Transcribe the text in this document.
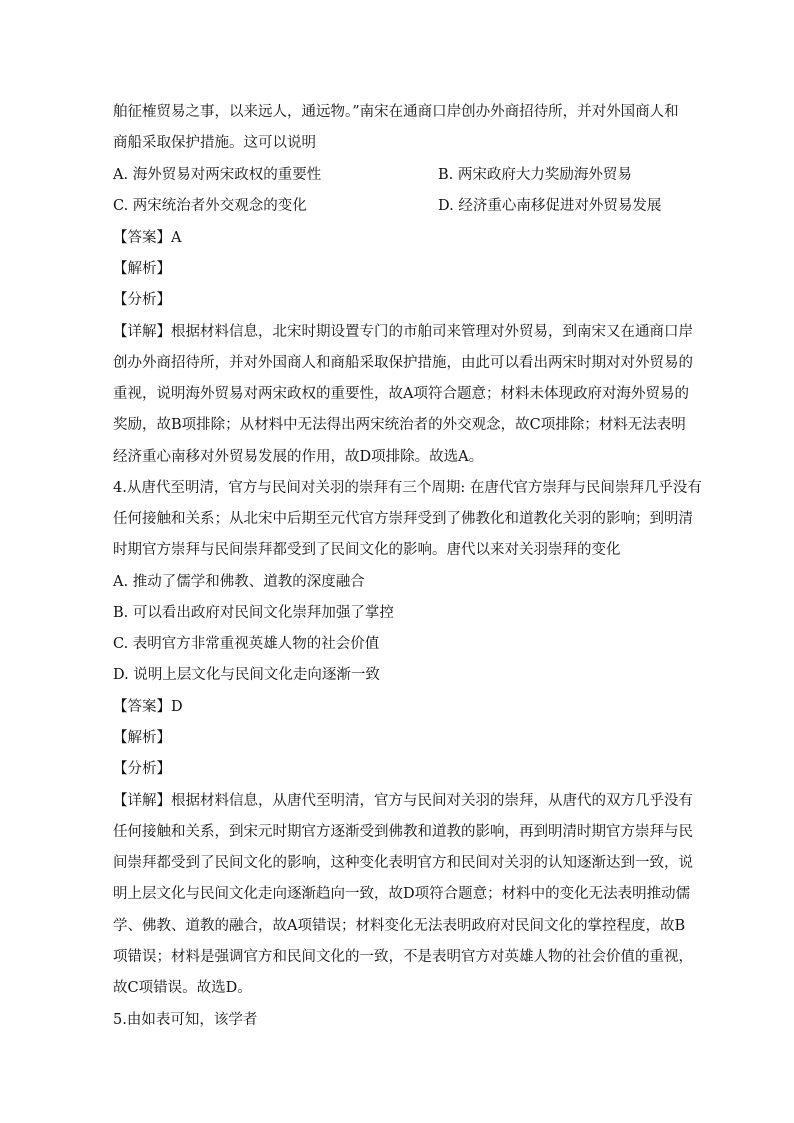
舶征榷贸易之事，以来远人，通远物。”南宋在通商口岸创办外商招待所，并对外国商人和
商船采取保护措施。这可以说明
A. 海外贸易对两宋政权的重要性	B. 两宋政府大力奖励海外贸易
C. 两宋统治者外交观念的变化	D. 经济重心南移促进对外贸易发展
【答案】A
【解析】
【分析】
【详解】根据材料信息，北宋时期设置专门的市舶司来管理对外贸易，到南宋又在通商口岸
创办外商招待所，并对外国商人和商船采取保护措施，由此可以看出两宋时期对对外贸易的
重视，说明海外贸易对两宋政权的重要性，故A项符合题意；材料未体现政府对海外贸易的
奖励，故B项排除；从材料中无法得出两宋统治者的外交观念，故C项排除；材料无法表明
经济重心南移对外贸易发展的作用，故D项排除。故选A。
4.从唐代至明清，官方与民间对关羽的崇拜有三个周期: 在唐代官方崇拜与民间崇拜几乎没有
任何接触和关系；从北宋中后期至元代官方崇拜受到了佛教化和道教化关羽的影响；到明清
时期官方崇拜与民间崇拜都受到了民间文化的影响。唐代以来对关羽崇拜的变化
A. 推动了儒学和佛教、道教的深度融合
B. 可以看出政府对民间文化崇拜加强了掌控
C. 表明官方非常重视英雄人物的社会价值
D. 说明上层文化与民间文化走向逐渐一致
【答案】D
【解析】
【分析】
【详解】根据材料信息，从唐代至明清，官方与民间对关羽的崇拜，从唐代的双方几乎没有
任何接触和关系，到宋元时期官方逐渐受到佛教和道教的影响，再到明清时期官方崇拜与民
间崇拜都受到了民间文化的影响，这种变化表明官方和民间对关羽的认知逐渐达到一致，说
明上层文化与民间文化走向逐渐趋向一致，故D项符合题意；材料中的变化无法表明推动儒
学、佛教、道教的融合，故A项错误；材料变化无法表明政府对民间文化的掌控程度，故B
项错误；材料是强调官方和民间文化的一致，不是表明官方对英雄人物的社会价值的重视，
故C项错误。故选D。
5.由如表可知，该学者
